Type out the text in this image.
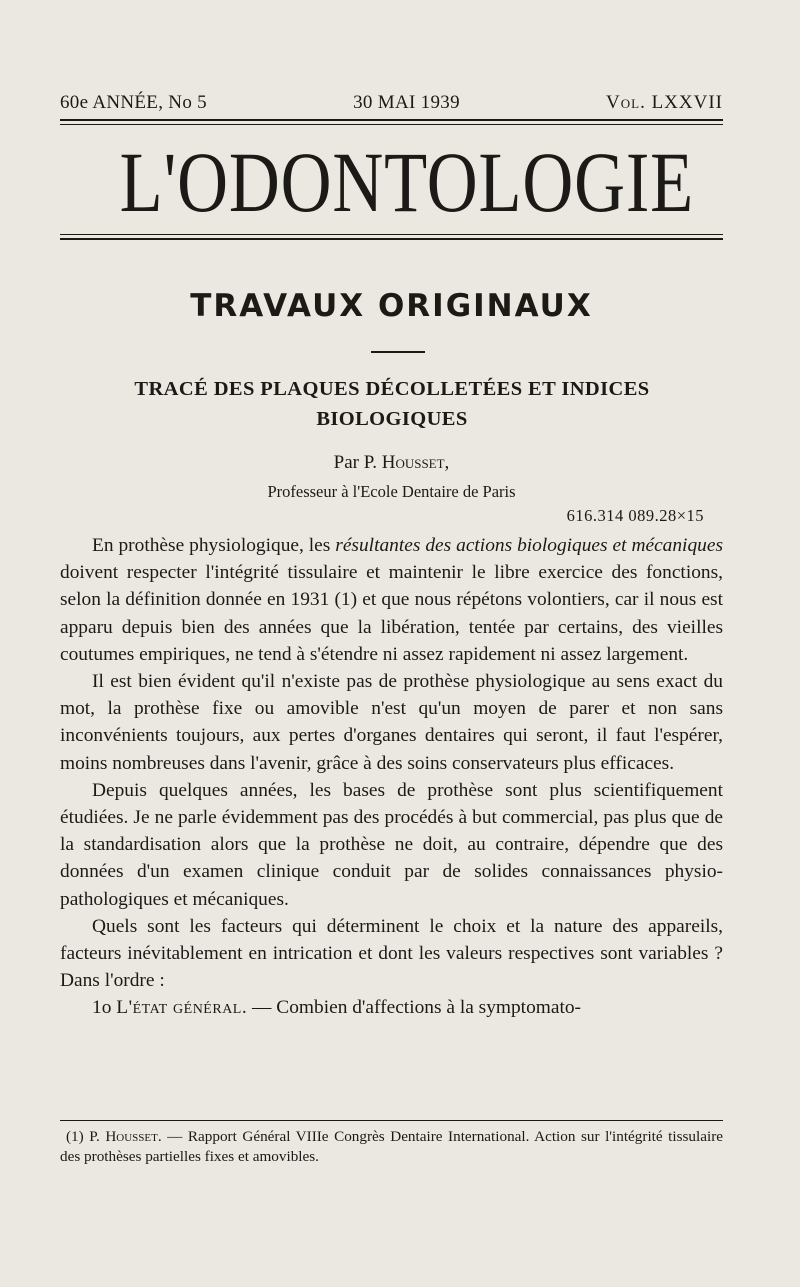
60e ANNÉE, No 5	30 MAI 1939	Vol. LXXVII
L'ODONTOLOGIE
TRAVAUX ORIGINAUX
TRACÉ DES PLAQUES DÉCOLLETÉES ET INDICES
BIOLOGIQUES
Par P. Housset,
Professeur à l'Ecole Dentaire de Paris
616.314 089.28×15

En prothèse physiologique, les résultantes des actions biologiques et mécaniques doivent respecter l'intégrité tissulaire et maintenir le libre exercice des fonctions, selon la définition donnée en 1931 (1) et que nous répétons volontiers, car il nous est apparu depuis bien des années que la libération, tentée par certains, des vieilles coutumes empiriques, ne tend à s'étendre ni assez rapidement ni assez largement.

Il est bien évident qu'il n'existe pas de prothèse physiologique au sens exact du mot, la prothèse fixe ou amovible n'est qu'un moyen de parer et non sans inconvénients toujours, aux pertes d'organes dentaires qui seront, il faut l'espérer, moins nombreuses dans l'avenir, grâce à des soins conservateurs plus efficaces.

Depuis quelques années, les bases de prothèse sont plus scientifiquement étudiées. Je ne parle évidemment pas des procédés à but commercial, pas plus que de la standardisation alors que la prothèse ne doit, au contraire, dépendre que des données d'un examen clinique conduit par de solides connaissances physio-pathologiques et mécaniques.

Quels sont les facteurs qui déterminent le choix et la nature des appareils, facteurs inévitablement en intrication et dont les valeurs respectives sont variables ? Dans l'ordre :

1o L'état général. — Combien d'affections à la symptomato-

(1) P. Housset. — Rapport Général VIIIe Congrès Dentaire International. Action sur l'intégrité tissulaire des prothèses partielles fixes et amovibles.
